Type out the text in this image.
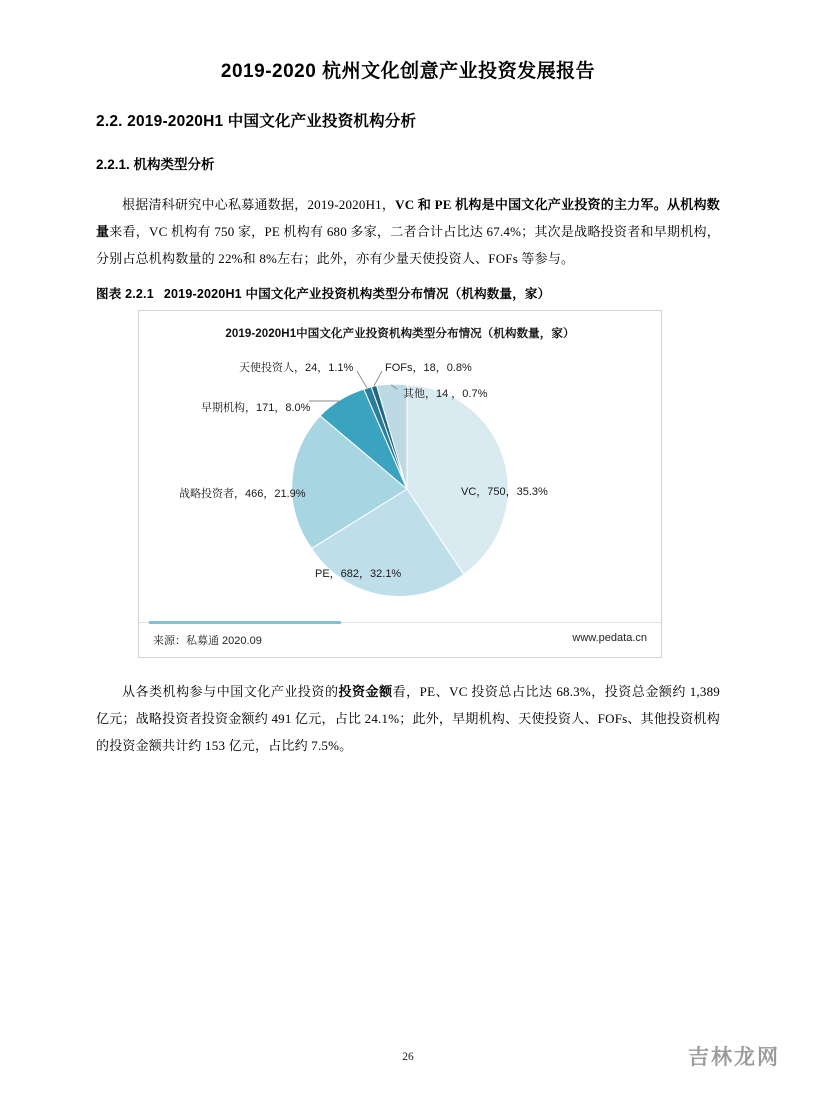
2019-2020 杭州文化创意产业投资发展报告
2.2. 2019-2020H1 中国文化产业投资机构分析
2.2.1. 机构类型分析

根据清科研究中心私募通数据，2019-2020H1，VC 和 PE 机构是中国文化产业投资的主力军。从机构数量来看，VC 机构有 750 家，PE 机构有 680 多家，二者合计占比达 67.4%；其次是战略投资者和早期机构，分别占总机构数量的 22%和 8%左右；此外，亦有少量天使投资人、FOFs 等参与。

图表 2.2.1 2019-2020H1 中国文化产业投资机构类型分布情况（机构数量，家）
2019-2020H1中国文化产业投资机构类型分布情况（机构数量，家）
天使投资人，24，1.1%	FOFs，18，0.8%
其他，14 ，0.7%
早期机构，171，8.0%
战略投资者，466，21.9%
PE，682，32.1%
VC，750，35.3%
来源：私募通 2020.09	www.pedata.cn

从各类机构参与中国文化产业投资的投资金额看，PE、VC 投资总占比达 68.3%，投资总金额约 1,389 亿元；战略投资者投资金额约 491 亿元，占比 24.1%；此外，早期机构、天使投资人、FOFs、其他投资机构的投资金额共计约 153 亿元，占比约 7.5%。

26	吉林龙网
